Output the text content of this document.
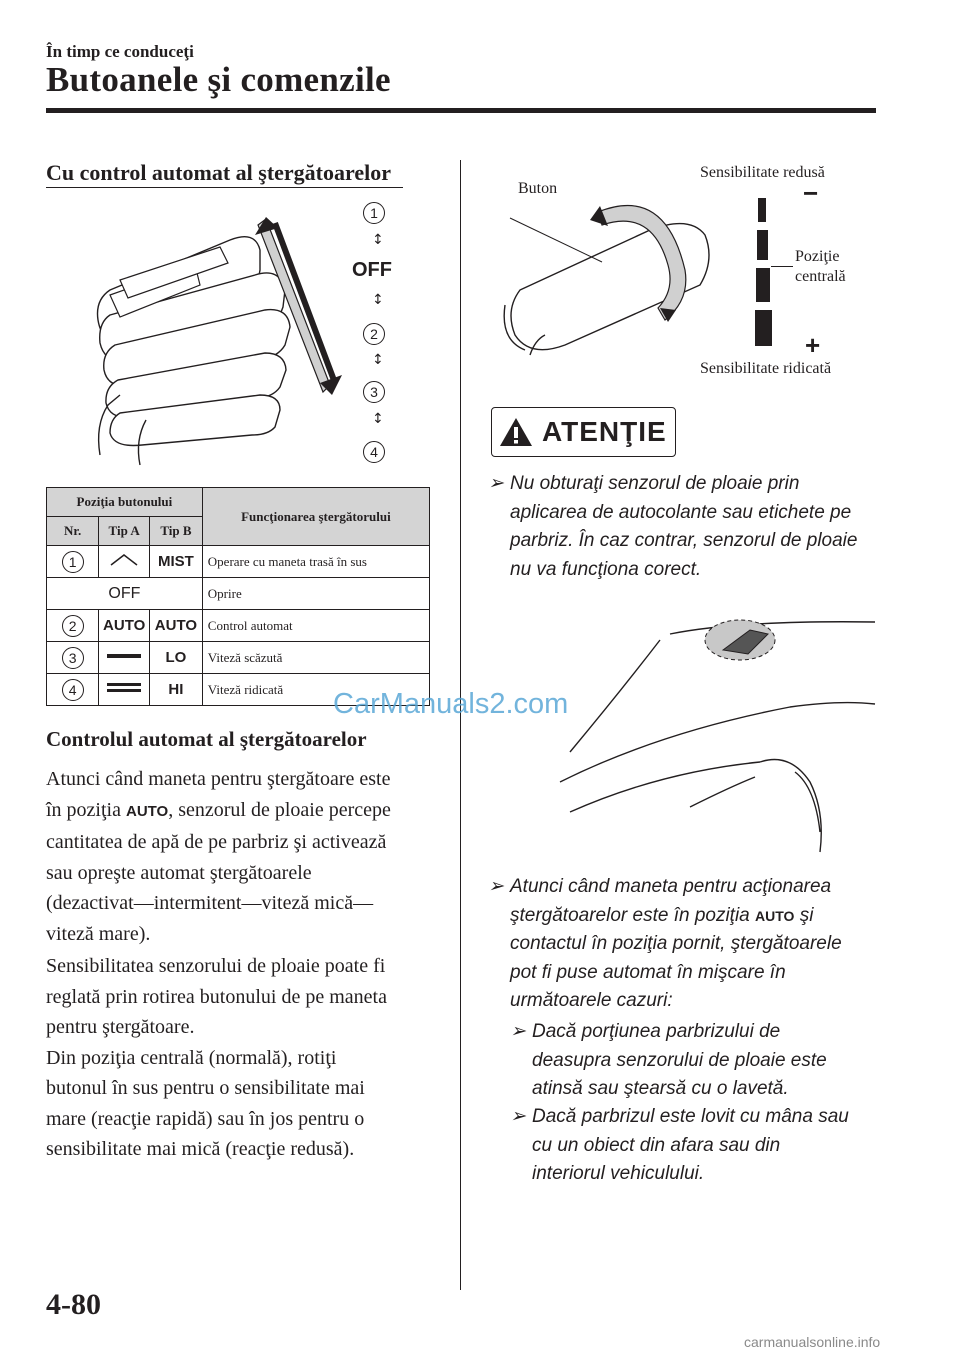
În timp ce conduceţi
Butoanele şi comenzile
Cu control automat al ştergătoarelor
1
↕
OFF
↕
2
↕
3
↕
4
Poziţia butonului			Funcţionarea ştergătorului
Nr.	Tip A	Tip B	
1		MIST	Operare cu maneta trasă în sus
OFF			Oprire
2	AUTO	AUTO	Control automat
3		LO	Viteză scăzută
4		HI	Viteză ridicată CarManuals2.com
Controlul automat al ştergătoarelor
Atunci când maneta pentru ştergătoare este
în poziţia AUTO, senzorul de ploaie percepe
cantitatea de apă de pe parbriz şi activează
sau opreşte automat ştergătoarele
(dezactivat—intermitent—viteză mică—
viteză mare).
Sensibilitatea senzorului de ploaie poate fi
reglată prin rotirea butonului de pe maneta
pentru ştergătoare.
Din poziţia centrală (normală), rotiţi
butonul în sus pentru o sensibilitate mai
mare (reacţie rapidă) sau în jos pentru o
sensibilitate mai mică (reacţie redusă).
Buton
Sensibilitate redusă
Poziţie
centrală
Sensibilitate ridicată
−
+
ATENŢIE
➢ Nu obturaţi senzorul de ploaie prin
aplicarea de autocolante sau etichete pe
parbriz. În caz contrar, senzorul de ploaie
nu va funcţiona corect.
➢ Atunci când maneta pentru acţionarea
ştergătoarelor este în poziţia AUTO şi
contactul în poziţia pornit, ştergătoarele
pot fi puse automat în mişcare în
următoarele cazuri:
➢ Dacă porţiunea parbrizului de
deasupra senzorului de ploaie este
atinsă sau ştearsă cu o lavetă.
➢ Dacă parbrizul este lovit cu mâna sau
cu un obiect din afara sau din
interiorul vehiculului.
4-80
carmanualsonline.info
